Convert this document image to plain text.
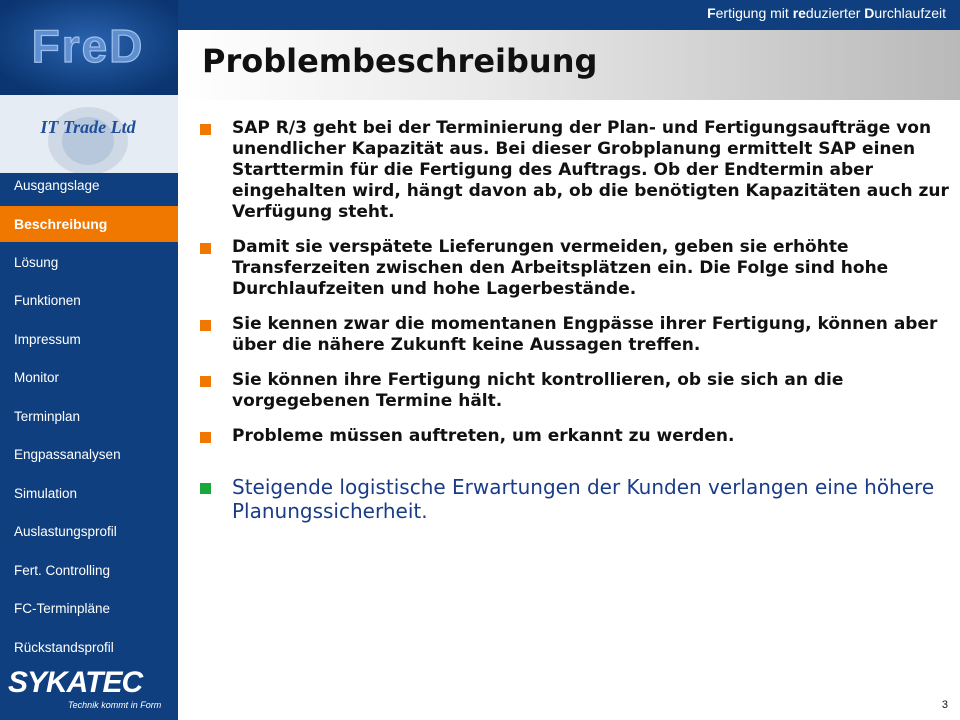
FreD
IT Trade Ltd
Ausgangslage
Beschreibung
Lösung
Funktionen
Impressum
Monitor
Terminplan
Engpassanalysen
Simulation
Auslastungsprofil
Fert. Controlling
FC-Terminpläne
Rückstandsprofil
SYKATEC
Technik kommt in Form
Fertigung mit reduzierter Durchlaufzeit
Problembeschreibung
SAP R/3 geht bei der Terminierung der Plan- und Fertigungsaufträge von unendlicher Kapazität aus. Bei dieser Grobplanung ermittelt SAP einen Starttermin für die Fertigung des Auftrags. Ob der Endtermin aber eingehalten wird, hängt davon ab, ob die benötigten Kapazitäten auch zur Verfügung steht.
Damit sie verspätete Lieferungen vermeiden, geben sie erhöhte Transferzeiten zwischen den Arbeitsplätzen ein. Die Folge sind hohe Durchlaufzeiten und hohe Lagerbestände.
Sie kennen zwar die momentanen Engpässe ihrer Fertigung, können aber über die nähere Zukunft keine Aussagen treffen.
Sie können ihre Fertigung nicht kontrollieren, ob sie sich an die vorgegebenen Termine hält.
Probleme müssen auftreten, um erkannt zu werden.
Steigende logistische Erwartungen der Kunden verlangen eine höhere Planungssicherheit.
3
